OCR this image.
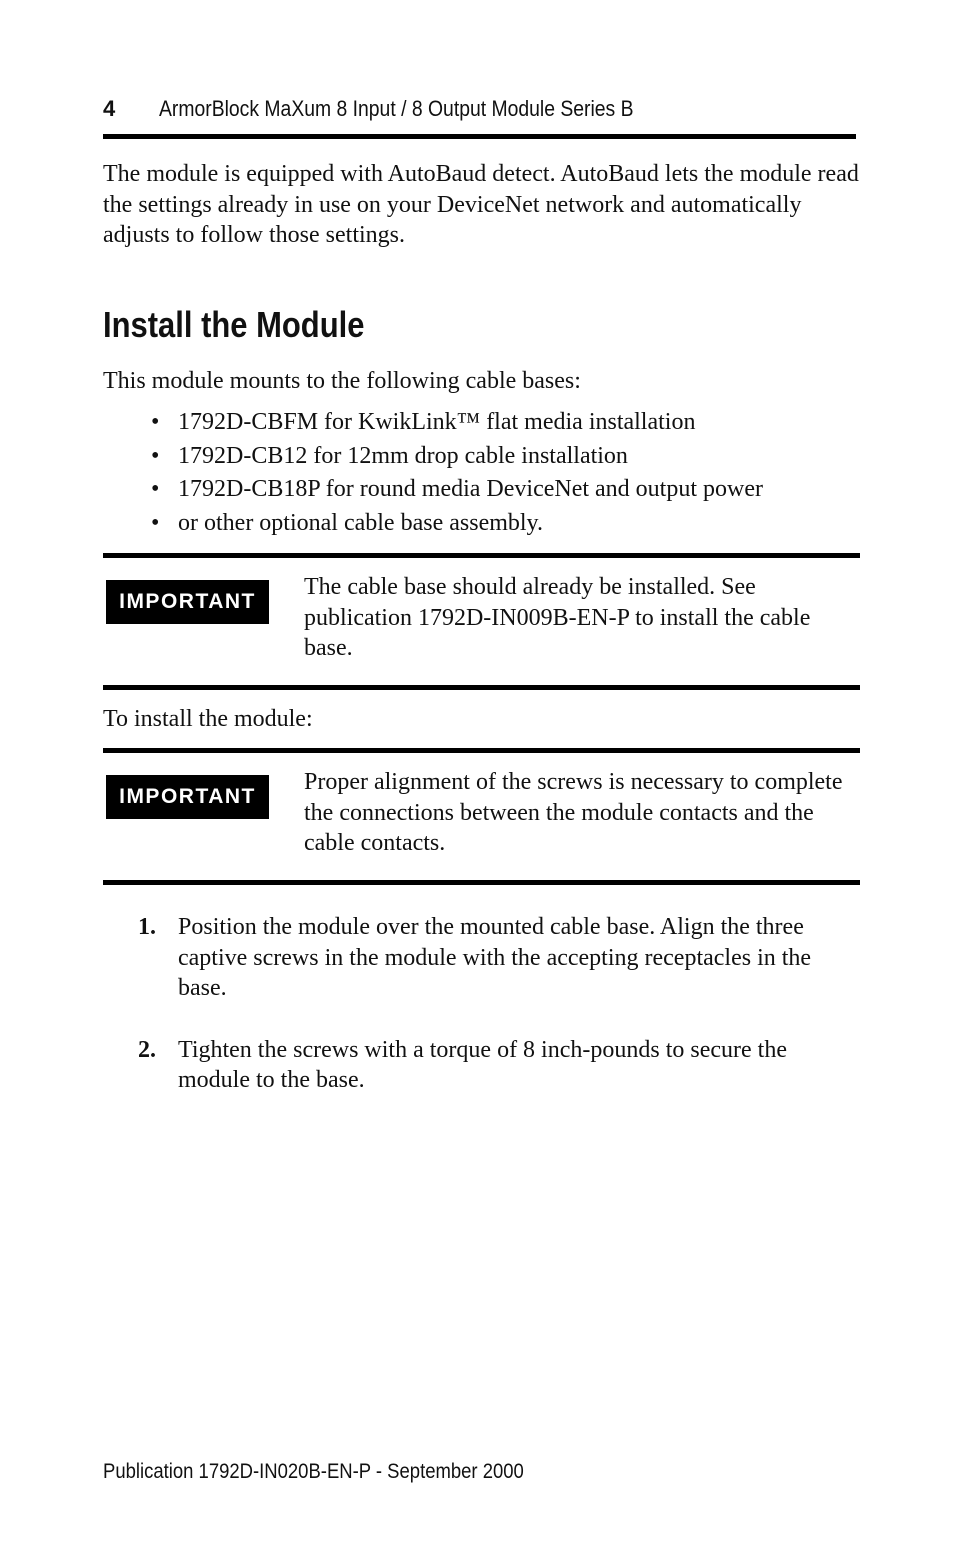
4 ArmorBlock MaXum 8 Input / 8 Output Module Series B

The module is equipped with AutoBaud detect. AutoBaud lets the module read the settings already in use on your DeviceNet network and automatically adjusts to follow those settings.

Install the Module

This module mounts to the following cable bases:

• 1792D-CBFM for KwikLink™ flat media installation
• 1792D-CB12 for 12mm drop cable installation
• 1792D-CB18P for round media DeviceNet and output power
• or other optional cable base assembly.
IMPORTANT

The cable base should already be installed. See publication 1792D-IN009B-EN-P to install the cable base.

To install the module:

IMPORTANT

Proper alignment of the screws is necessary to complete the connections between the module contacts and the cable contacts.

1. Position the module over the mounted cable base. Align the three captive screws in the module with the accepting receptacles in the base.
2. Tighten the screws with a torque of 8 inch-pounds to secure the module to the base.
Publication 1792D-IN020B-EN-P - September 2000
